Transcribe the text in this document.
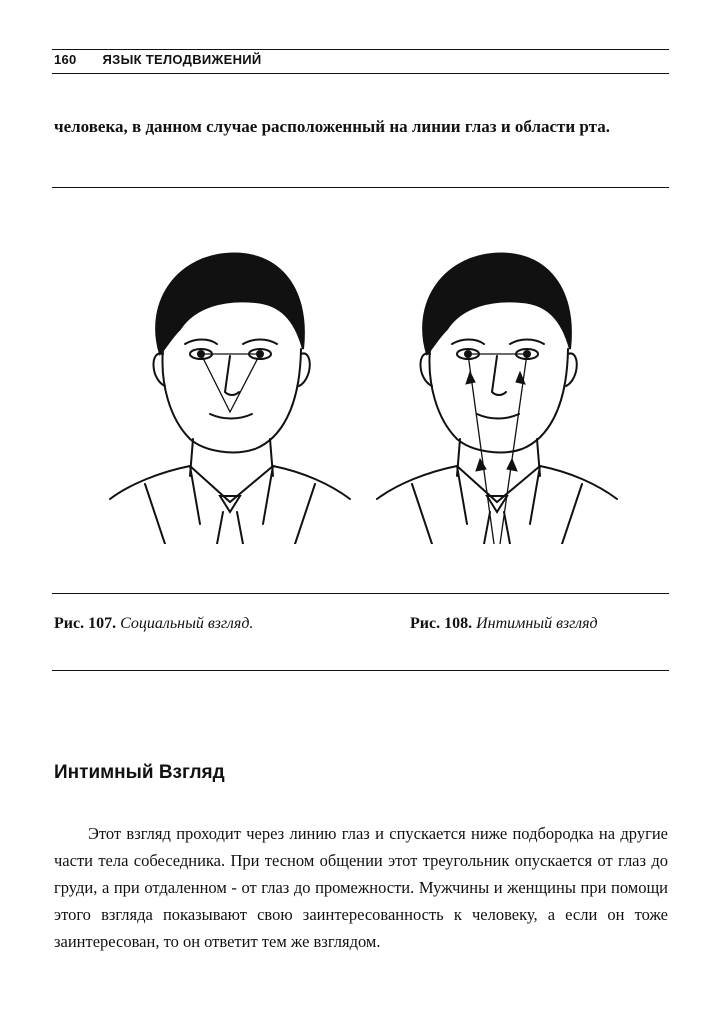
160 ЯЗЫК ТЕЛОДВИЖЕНИЙ
человека, в данном случае расположенный на линии глаз и области рта.
Рис. 107. Социальный взгляд.	Рис. 108. Интимный взгляд
Интимный Взгляд
Этот взгляд проходит через линию глаз и спускается ниже подбородка на другие части тела собеседника. При тесном общении этот треугольник опускается от глаз до груди, а при отдаленном - от глаз до промежности. Мужчины и женщины при помощи этого взгляда показывают свою заинтересованность к человеку, а если он тоже заинтересован, то он ответит тем же взглядом.
